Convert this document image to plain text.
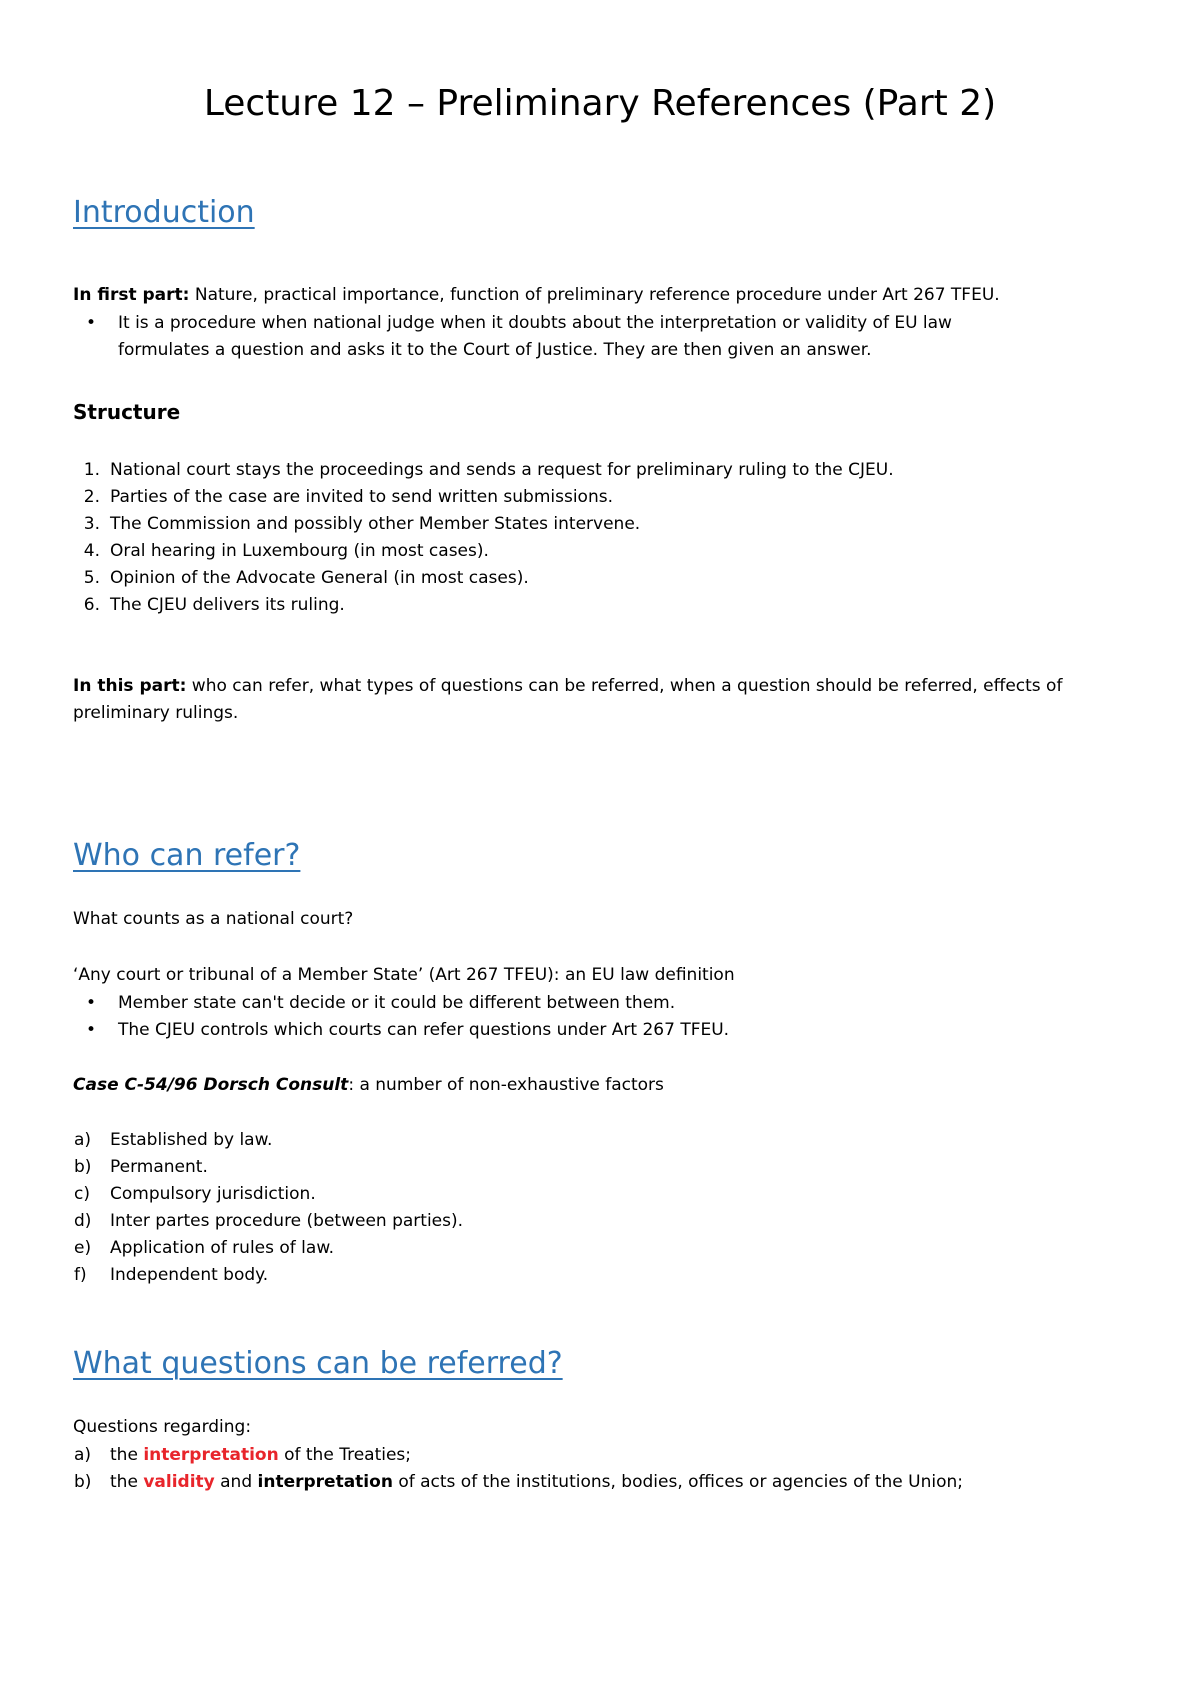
Lecture 12 – Preliminary References (Part 2)
Introduction

In first part: Nature, practical importance, function of preliminary reference procedure under Art 267 TFEU.

• It is a procedure when national judge when it doubts about the interpretation or validity of EU law formulates a question and asks it to the Court of Justice. They are then given an answer.

Structure
1. National court stays the proceedings and sends a request for preliminary ruling to the CJEU.
2. Parties of the case are invited to send written submissions.
3. The Commission and possibly other Member States intervene.
4. Oral hearing in Luxembourg (in most cases).
5. Opinion of the Advocate General (in most cases).
6. The CJEU delivers its ruling.

In this part: who can refer, what types of questions can be referred, when a question should be referred, effects of preliminary rulings.

Who can refer?

What counts as a national court?

‘Any court or tribunal of a Member State’ (Art 267 TFEU): an EU law definition

• Member state can't decide or it could be different between them.

• The CJEU controls which courts can refer questions under Art 267 TFEU.

Case C-54/96 Dorsch Consult: a number of non-exhaustive factors

a)	Established by law.
b)	Permanent.
c)	Compulsory jurisdiction.
d)	Inter partes procedure (between parties).
e)	Application of rules of law.
f)	Independent body.
What questions can be referred?

Questions regarding:

a)	the interpretation of the Treaties;
b)	the validity and interpretation of acts of the institutions, bodies, offices or agencies of the Union;
